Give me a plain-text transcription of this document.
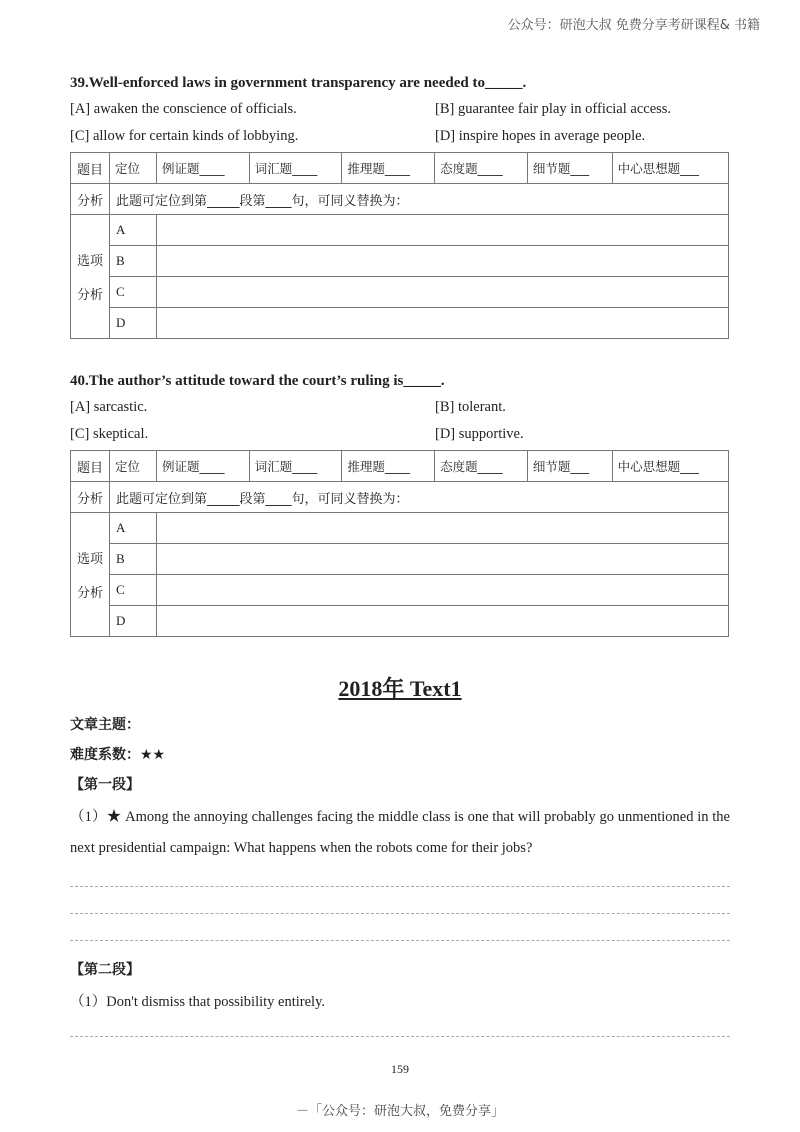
公众号：研泡大叔 免费分享考研课程& 书籍

39.Well-enforced laws in government transparency are needed to_____.

[A] awaken the conscience of officials.	[B] guarantee fair play in official access.
[C] allow for certain kinds of lobbying.	[D] inspire hopes in average people.
题目	定位	例证题____	词汇题____	推理题____	态度题____	细节题___	中心思想题___
分析	此题可定位到第_____段第____句，可同义替换为：						
选项

分析	A						
	B						
	C						
	D						

40.The author’s attitude toward the court’s ruling is_____.

[A] sarcastic.	[B] tolerant.
[C] skeptical.	[D] supportive.
题目	定位	例证题____	词汇题____	推理题____	态度题____	细节题___	中心思想题___
分析	此题可定位到第_____段第____句，可同义替换为：						
选项

分析	A						
	B						
	C						
	D						
2018年 Text1
文章主题：
难度系数：★★
【第一段】
（1）★ Among the annoying challenges facing the middle class is one that will probably go unmentioned in the next presidential campaign: What happens when the robots come for their jobs?
【第二段】
（1）Don't dismiss that possibility entirely.
159
－「公众号：研泡大叔，免费分享」
